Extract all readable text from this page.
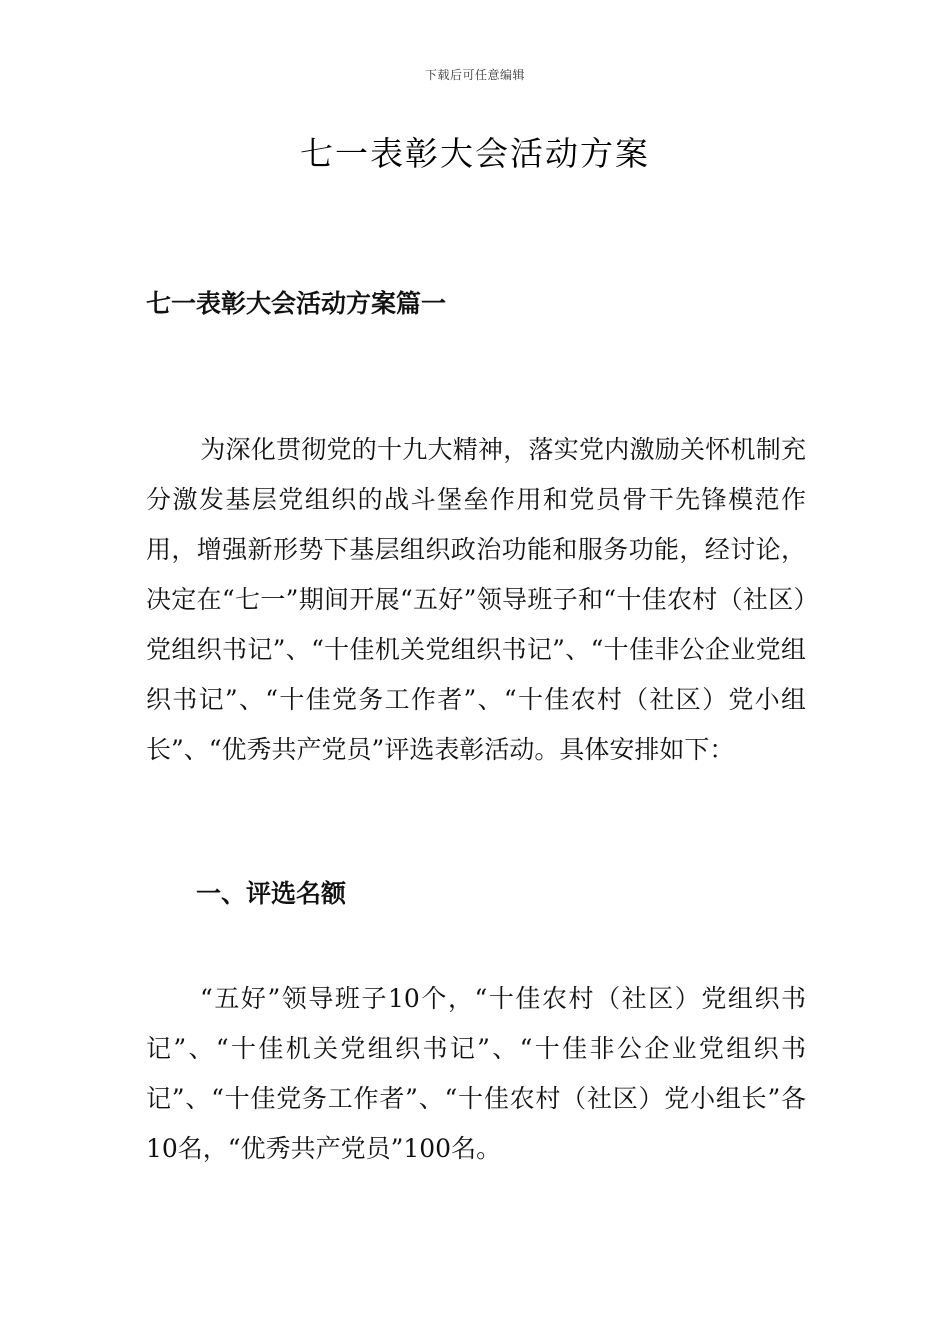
下载后可任意编辑
七一表彰大会活动方案
七一表彰大会活动方案篇一

为深化贯彻党的十九大精神，落实党内激励关怀机制充分激发基层党组织的战斗堡垒作用和党员骨干先锋模范作用，增强新形势下基层组织政治功能和服务功能，经讨论，决定在“七一”期间开展“五好”领导班子和“十佳农村（社区）党组织书记”、“十佳机关党组织书记”、“十佳非公企业党组织书记”、“十佳党务工作者”、“十佳农村（社区）党小组长”、“优秀共产党员”评选表彰活动。具体安排如下：

一、评选名额

“五好”领导班子10个，“十佳农村（社区）党组织书记”、“十佳机关党组织书记”、“十佳非公企业党组织书记”、“十佳党务工作者”、“十佳农村（社区）党小组长”各10名，“优秀共产党员”100名。
